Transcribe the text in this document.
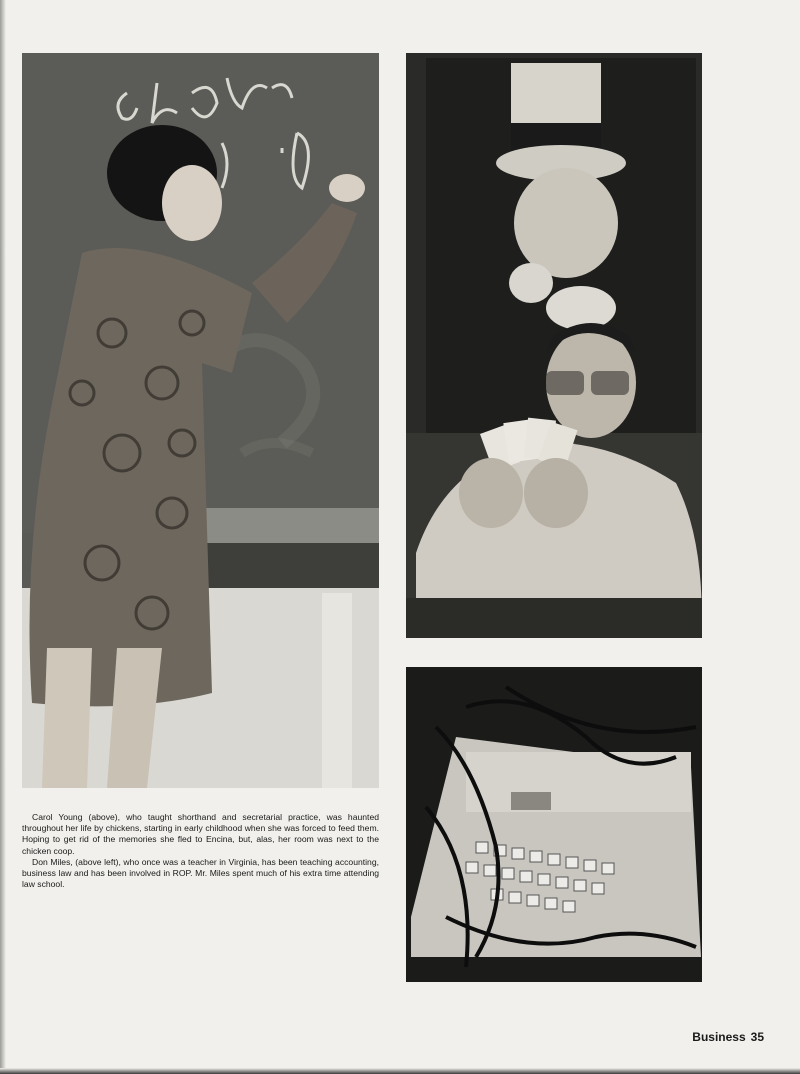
Carol Young (above), who taught shorthand and secretarial practice, was haunted throughout her life by chickens, starting in early childhood when she was forced to feed them. Hoping to get rid of the memories she fled to Encina, but, alas, her room was next to the chicken coop.

Don Miles, (above left), who once was a teacher in Virginia, has been teaching accounting, business law and has been involved in ROP. Mr. Miles spent much of his extra time attending law school.

Business 35
